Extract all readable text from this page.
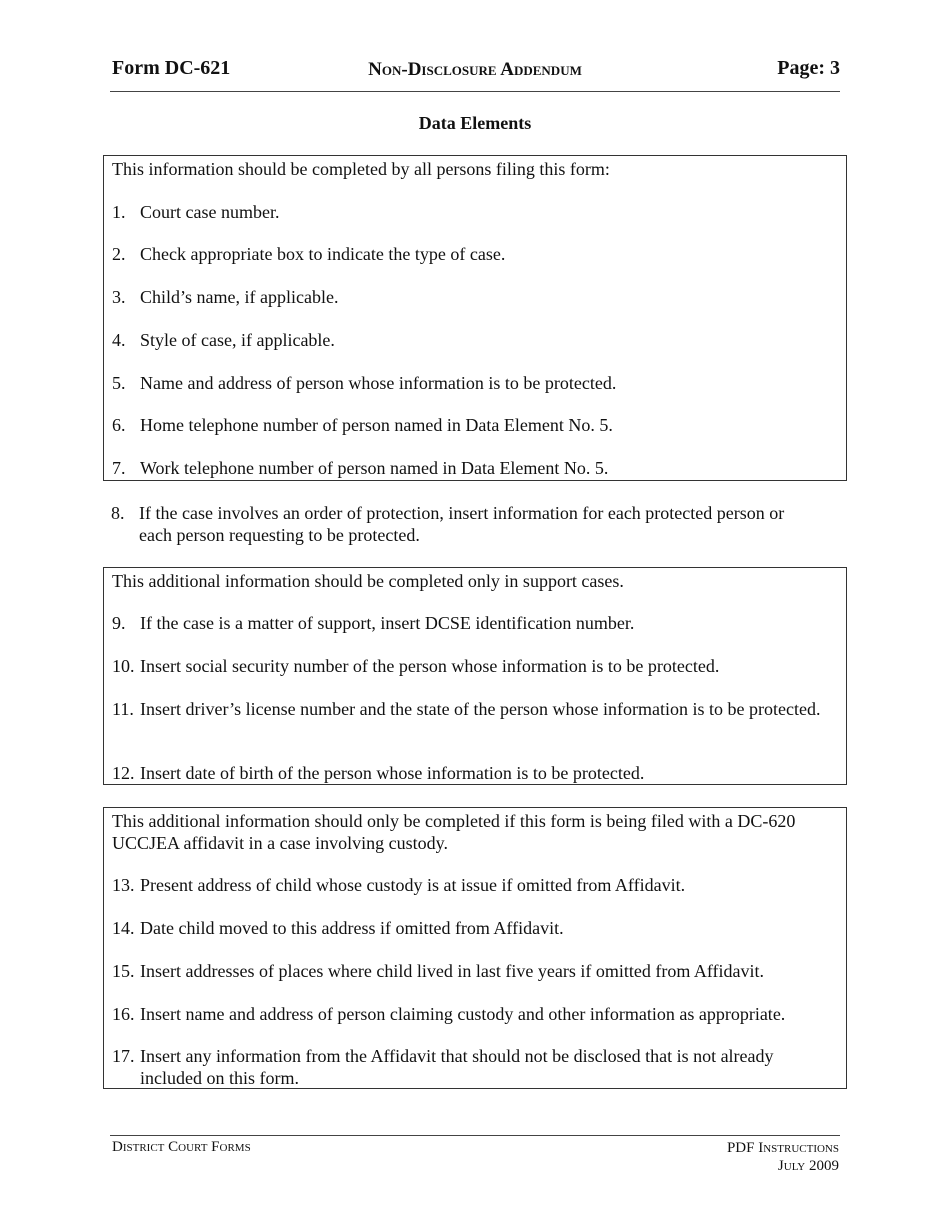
Form DC-621	Non-Disclosure Addendum	Page: 3
Data Elements
This information should be completed by all persons filing this form:
1. Court case number.
2. Check appropriate box to indicate the type of case.
3. Child’s name, if applicable.
4. Style of case, if applicable.
5. Name and address of person whose information is to be protected.
6. Home telephone number of person named in Data Element No. 5.
7. Work telephone number of person named in Data Element No. 5.
8. If the case involves an order of protection, insert information for each protected person or each person requesting to be protected.
This additional information should be completed only in support cases.
9. If the case is a matter of support, insert DCSE identification number.
10. Insert social security number of the person whose information is to be protected.
11. Insert driver’s license number and the state of the person whose information is to be protected.
12. Insert date of birth of the person whose information is to be protected.
This additional information should only be completed if this form is being filed with a DC-620 UCCJEA affidavit in a case involving custody.
13. Present address of child whose custody is at issue if omitted from Affidavit.
14. Date child moved to this address if omitted from Affidavit.
15. Insert addresses of places where child lived in last five years if omitted from Affidavit.
16. Insert name and address of person claiming custody and other information as appropriate.
17. Insert any information from the Affidavit that should not be disclosed that is not already included on this form.
District Court Forms	PDF Instructions
July 2009
